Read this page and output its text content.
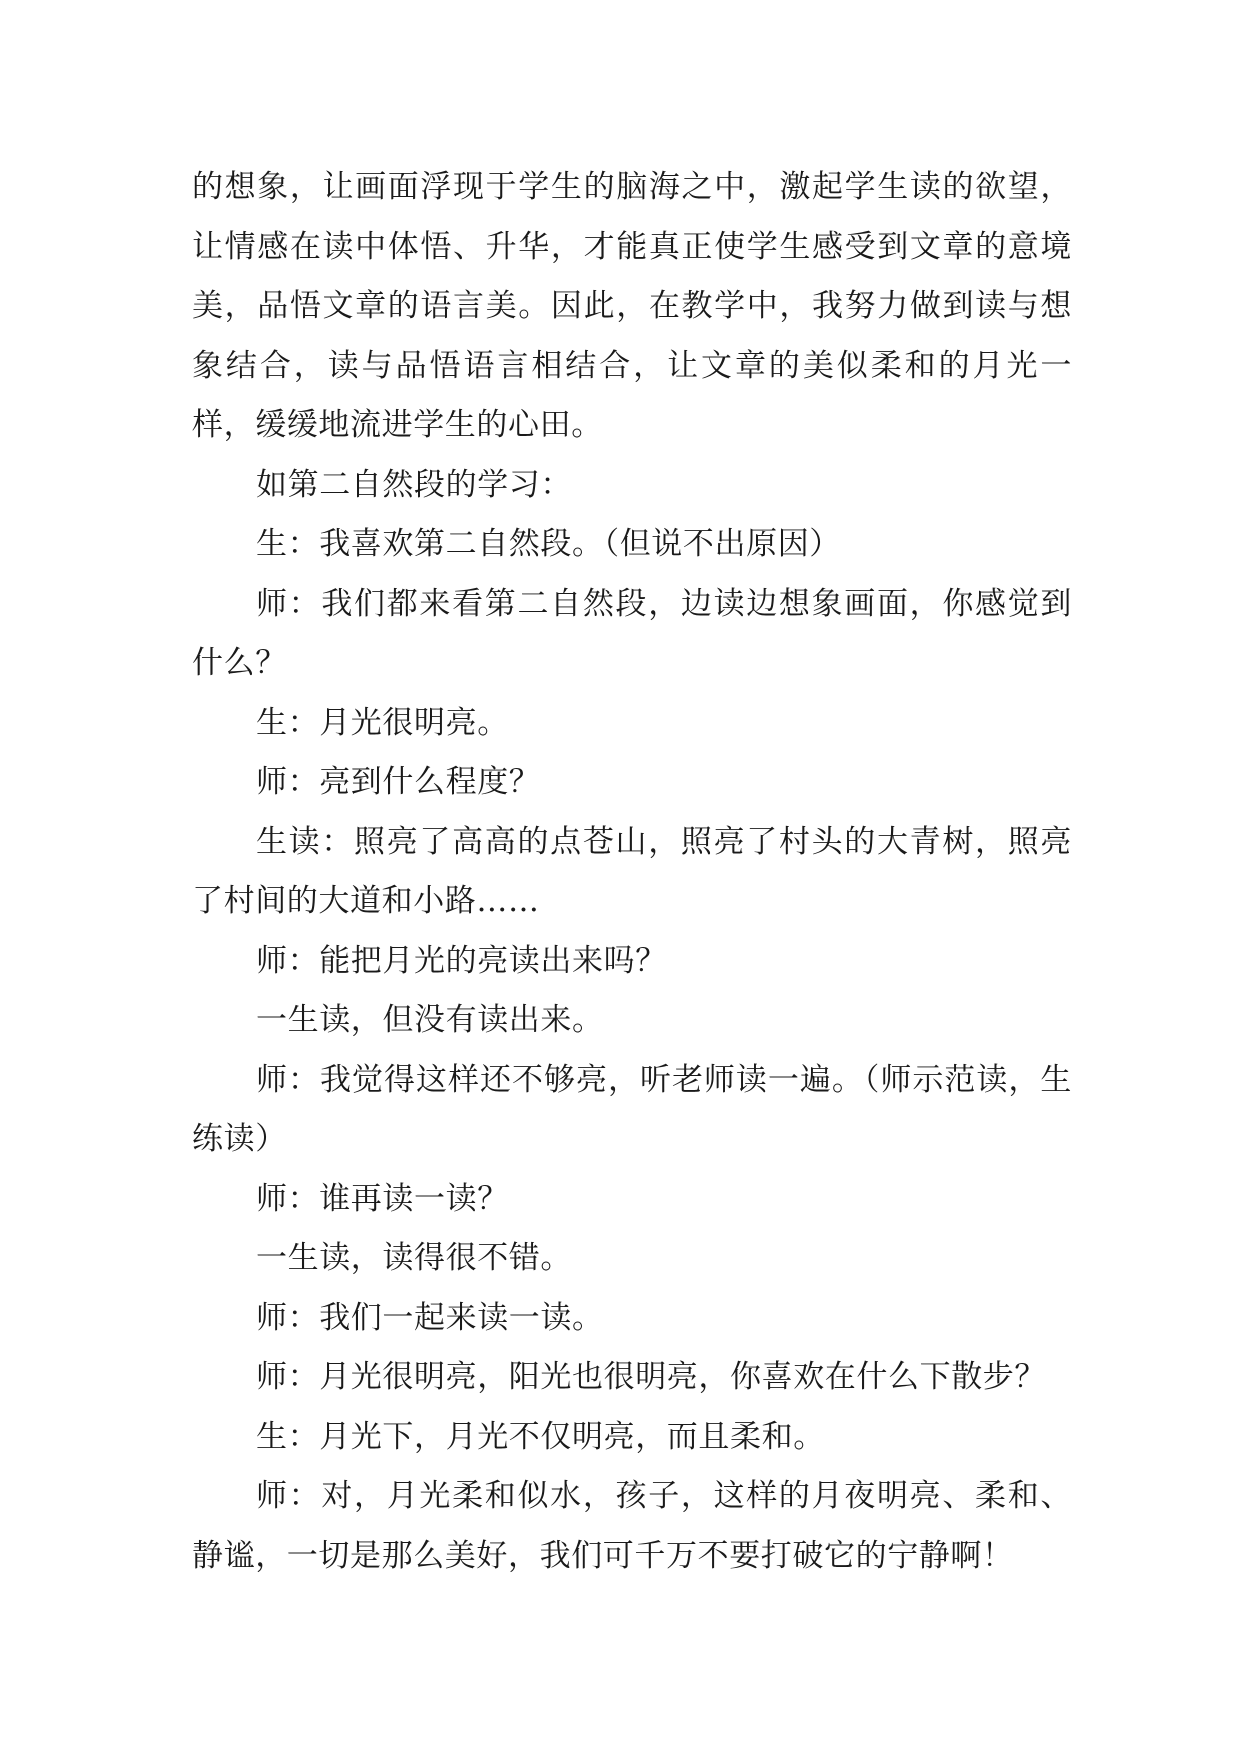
的想象，让画面浮现于学生的脑海之中，激起学生读的欲望，让情感在读中体悟、升华，才能真正使学生感受到文章的意境美，品悟文章的语言美。因此，在教学中，我努力做到读与想象结合，读与品悟语言相结合，让文章的美似柔和的月光一样，缓缓地流进学生的心田。

如第二自然段的学习：

生：我喜欢第二自然段。（但说不出原因）

师：我们都来看第二自然段，边读边想象画面，你感觉到什么？

生：月光很明亮。

师：亮到什么程度？

生读：照亮了高高的点苍山，照亮了村头的大青树，照亮了村间的大道和小路……

师：能把月光的亮读出来吗？

一生读，但没有读出来。

师：我觉得这样还不够亮，听老师读一遍。（师示范读，生练读）

师：谁再读一读？

一生读，读得很不错。

师：我们一起来读一读。

师：月光很明亮，阳光也很明亮，你喜欢在什么下散步？

生：月光下，月光不仅明亮，而且柔和。

师：对，月光柔和似水，孩子，这样的月夜明亮、柔和、静谧，一切是那么美好，我们可千万不要打破它的宁静啊！
